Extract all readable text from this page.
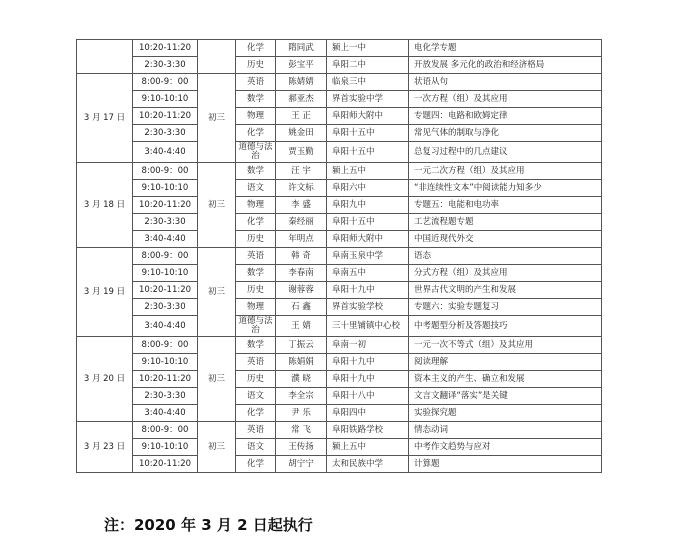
	10:20-11:20		化学	隋同武	颍上一中	电化学专题
	2:30-3:30		历史	彭宝平	阜阳二中	开放发展 多元化的政治和经济格局
3 月 17 日	8:00-9：00	初三	英语	陈婧婧	临泉三中	状语从句
	9:10-10:10		数学	郝亚杰	界首实验中学	一次方程（组）及其应用
	10:20-11:20		物理	王 正	阜阳师大附中	专题四：电路和欧姆定律
	2:30-3:30		化学	姚金田	阜阳十五中	常见气体的制取与净化
	3:40-4:40		道德与法治	贾玉勤	阜阳十五中	总复习过程中的几点建议
3 月 18 日	8:00-9：00	初三	数学	汪 宇	颍上五中	一元二次方程（组）及其应用
	9:10-10:10		语文	许文标	阜阳六中	“非连续性文本”中阅读能力知多少
	10:20-11:20		物理	李 盛	阜阳九中	专题五：电能和电功率
	2:30-3:30		化学	秦经丽	阜阳十五中	工艺流程题专题
	3:40-4:40		历史	年明点	阜阳师大附中	中国近现代外交
3 月 19 日	8:00-9：00	初三	英语	韩 奇	阜南玉泉中学	语态
	9:10-10:10		数学	李春南	阜南五中	分式方程（组）及其应用
	10:20-11:20		历史	谢蓉蓉	阜阳十九中	世界古代文明的产生和发展
	2:30-3:30		物理	石 鑫	界首实验学校	专题六：实验专题复习
	3:40-4:40		道德与法治	王 婧	三十里铺镇中心校	中考题型分析及答题技巧
3 月 20 日	8:00-9：00	初三	数学	丁振云	阜南一初	一元一次不等式（组）及其应用
	9:10-10:10		英语	陈娟娟	阜阳十九中	阅读理解
	10:20-11:20		历史	濮 晓	阜阳十九中	资本主义的产生、确立和发展
	2:30-3:30		语文	李全宗	阜阳十八中	文言文翻译“落实”是关键
	3:40-4:40		化学	尹 乐	阜阳四中	实验探究题
3 月 23 日	8:00-9：00	初三	英语	常 飞	阜阳铁路学校	情态动词
	9:10-10:10		语文	王传扬	颍上五中	中考作文趋势与应对
	10:20-11:20		化学	胡宁宁	太和民族中学	计算题
注：2020 年 3 月 2 日起执行
